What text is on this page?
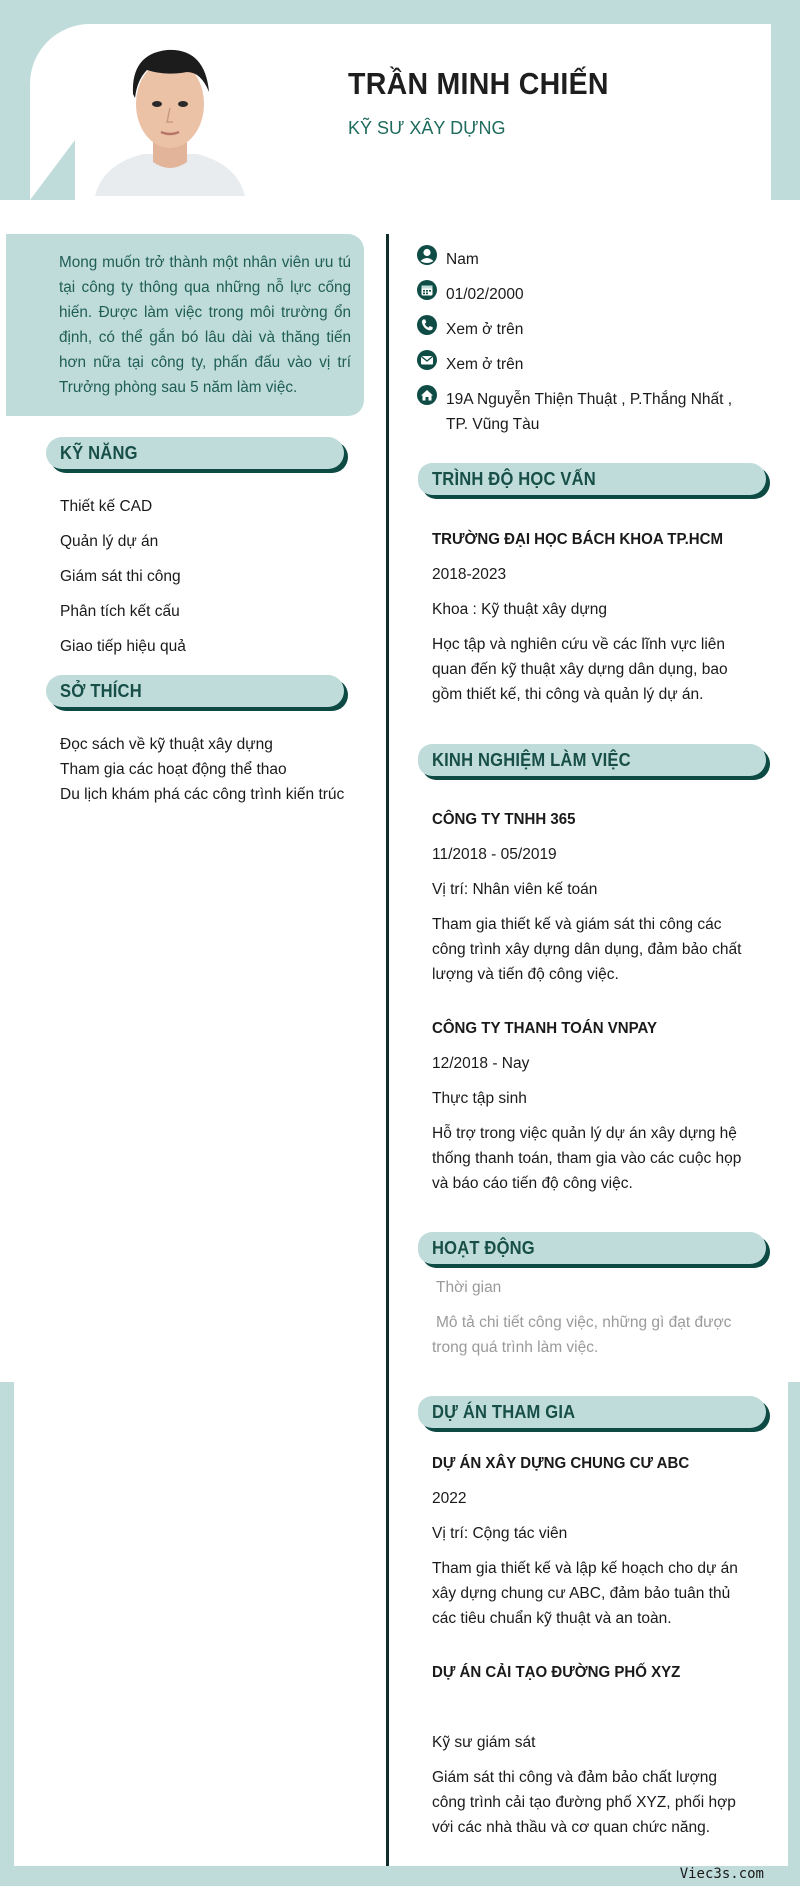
TRẦN MINH CHIẾN
KỸ SƯ XÂY DỰNG
Mong muốn trở thành một nhân viên ưu tú tại công ty thông qua những nỗ lực cống hiến. Được làm việc trong môi trường ổn định, có thể gắn bó lâu dài và thăng tiến hơn nữa tại công ty, phấn đấu vào vị trí Trưởng phòng sau 5 năm làm việc.
KỸ NĂNG
Thiết kế CAD
Quản lý dự án
Giám sát thi công
Phân tích kết cấu
Giao tiếp hiệu quả
SỞ THÍCH
Đọc sách về kỹ thuật xây dựng
Tham gia các hoạt động thể thao
Du lịch khám phá các công trình kiến trúc
Nam
01/02/2000
Xem ở trên
Xem ở trên
19A Nguyễn Thiện Thuật , P.Thắng Nhất , TP. Vũng Tàu
TRÌNH ĐỘ HỌC VẤN
TRƯỜNG ĐẠI HỌC BÁCH KHOA TP.HCM
2018-2023
Khoa : Kỹ thuật xây dựng
Học tập và nghiên cứu về các lĩnh vực liên quan đến kỹ thuật xây dựng dân dụng, bao gồm thiết kế, thi công và quản lý dự án.
KINH NGHIỆM LÀM VIỆC
CÔNG TY TNHH 365
11/2018 - 05/2019
Vị trí: Nhân viên kế toán
Tham gia thiết kế và giám sát thi công các công trình xây dựng dân dụng, đảm bảo chất lượng và tiến độ công việc.
CÔNG TY THANH TOÁN VNPAY
12/2018 - Nay
Thực tập sinh
Hỗ trợ trong việc quản lý dự án xây dựng hệ thống thanh toán, tham gia vào các cuộc họp và báo cáo tiến độ công việc.
HOẠT ĐỘNG
Thời gian
Mô tả chi tiết công việc, những gì đạt được trong quá trình làm việc.
DỰ ÁN THAM GIA
DỰ ÁN XÂY DỰNG CHUNG CƯ ABC
2022
Vị trí: Cộng tác viên
Tham gia thiết kế và lập kế hoạch cho dự án xây dựng chung cư ABC, đảm bảo tuân thủ các tiêu chuẩn kỹ thuật và an toàn.
DỰ ÁN CẢI TẠO ĐƯỜNG PHỐ XYZ
Kỹ sư giám sát
Giám sát thi công và đảm bảo chất lượng công trình cải tạo đường phố XYZ, phối hợp với các nhà thầu và cơ quan chức năng.
Viec3s.com
